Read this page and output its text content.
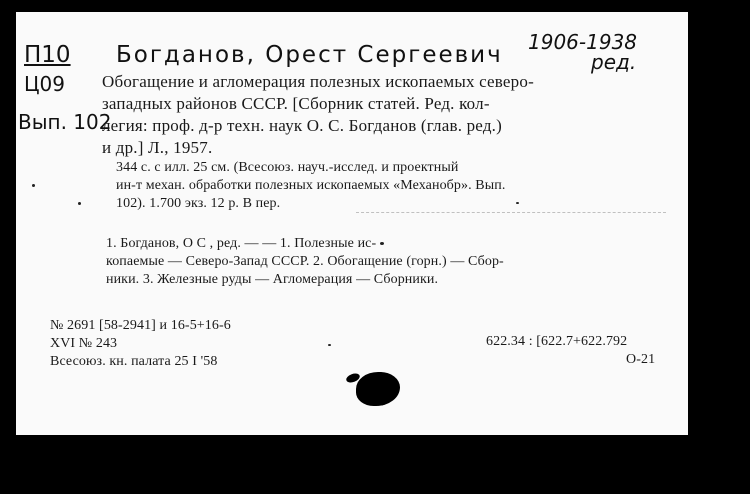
П10
Ц09
Вып. 102
Богданов, Орест Сергеевич 1906-1938
ред.
Обогащение и агломерация полезных ископаемых северо-
западных районов СССР. [Сборник статей. Ред. кол-
легия: проф. д-р техн. наук О. С. Богданов (глав. ред.)
и др.] Л., 1957.
344 с. с илл. 25 см. (Всесоюз. науч.-исслед. и проектный
ин-т механ. обработки полезных ископаемых «Механобр». Вып.
102). 1.700 экз. 12 р. В пер.
1. Богданов, О С , ред. — — 1. Полезные ис-
копаемые — Северо-Запад СССР. 2. Обогащение (горн.) — Сбор-
ники. 3. Железные руды — Агломерация — Сборники.
№ 2691 [58-2941] и 16-5+16-6
XVI № 243
Всесоюз. кн. палата 25 I '58
622.34 : [622.7+622.792
О-21
